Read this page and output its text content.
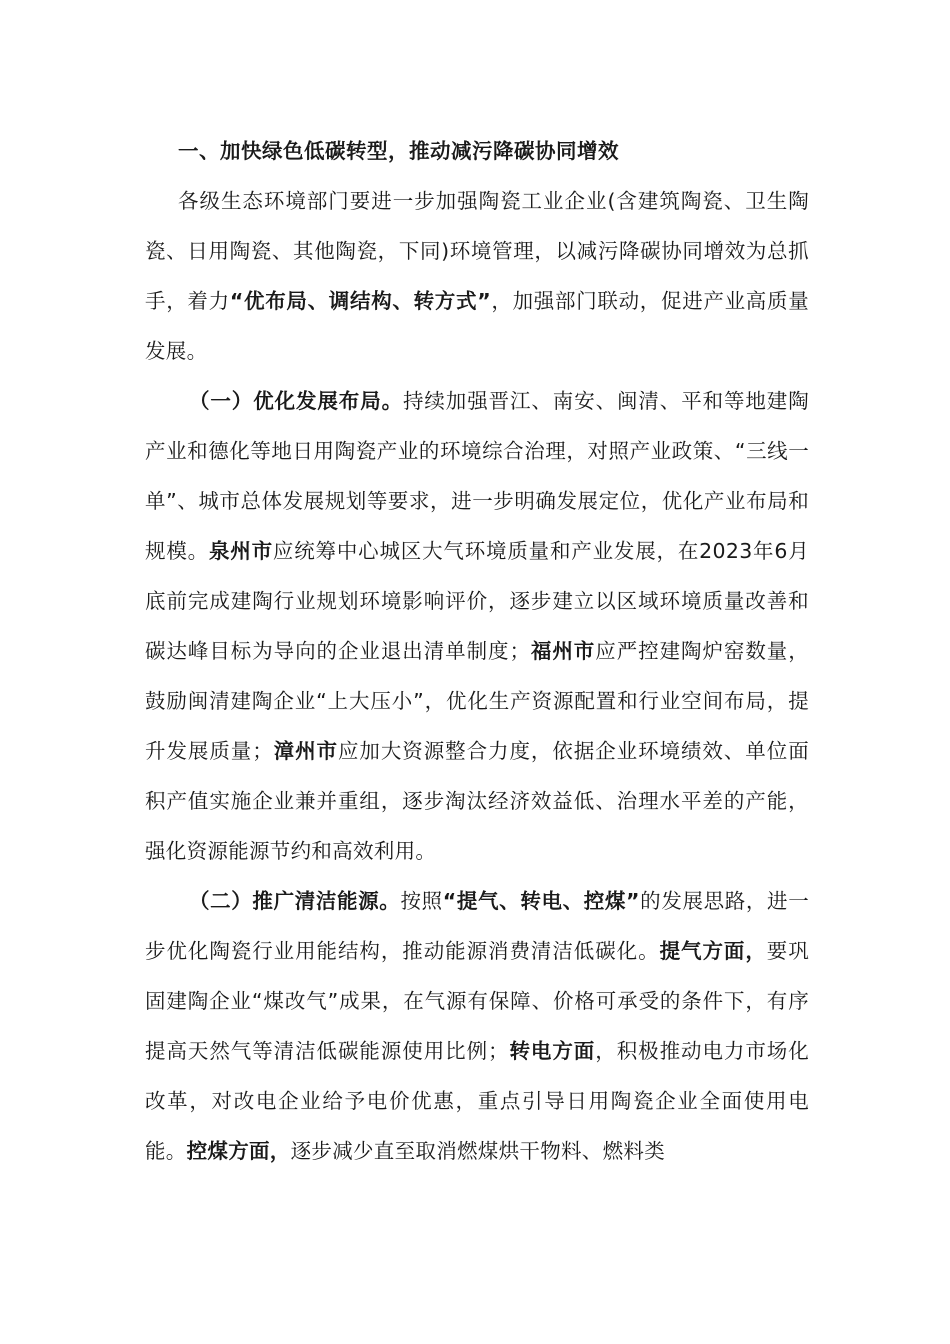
一、加快绿色低碳转型，推动减污降碳协同增效

各级生态环境部门要进一步加强陶瓷工业企业(含建筑陶瓷、卫生陶瓷、日用陶瓷、其他陶瓷，下同)环境管理，以减污降碳协同增效为总抓手，着力“优布局、调结构、转方式”，加强部门联动，促进产业高质量发展。

（一）优化发展布局。持续加强晋江、南安、闽清、平和等地建陶产业和德化等地日用陶瓷产业的环境综合治理，对照产业政策、“三线一单”、城市总体发展规划等要求，进一步明确发展定位，优化产业布局和规模。泉州市应统筹中心城区大气环境质量和产业发展，在2023年6月底前完成建陶行业规划环境影响评价，逐步建立以区域环境质量改善和碳达峰目标为导向的企业退出清单制度；福州市应严控建陶炉窑数量，鼓励闽清建陶企业“上大压小”，优化生产资源配置和行业空间布局，提升发展质量；漳州市应加大资源整合力度，依据企业环境绩效、单位面积产值实施企业兼并重组，逐步淘汰经济效益低、治理水平差的产能，强化资源能源节约和高效利用。

（二）推广清洁能源。按照“提气、转电、控煤”的发展思路，进一步优化陶瓷行业用能结构，推动能源消费清洁低碳化。提气方面，要巩固建陶企业“煤改气”成果，在气源有保障、价格可承受的条件下，有序提高天然气等清洁低碳能源使用比例；转电方面，积极推动电力市场化改革，对改电企业给予电价优惠，重点引导日用陶瓷企业全面使用电能。控煤方面，逐步减少直至取消燃煤烘干物料、燃料类
